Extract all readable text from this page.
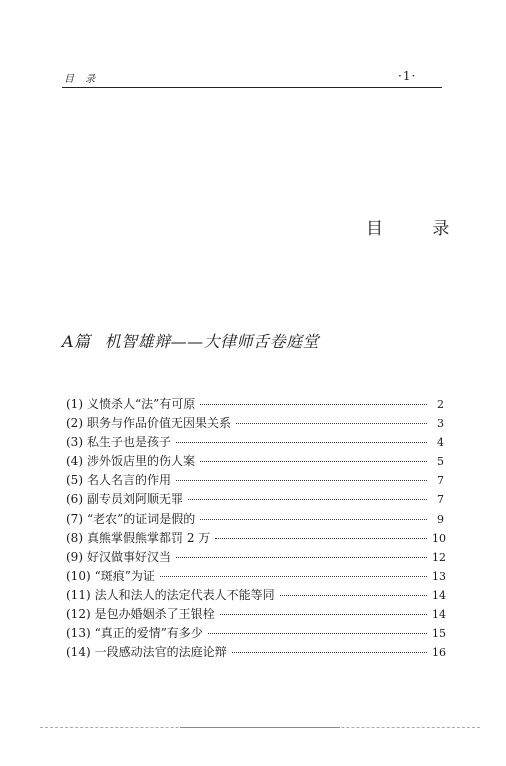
目 录	·1·
目 录
A篇 机智雄辩——大律师舌卷庭堂
(1) 义愤杀人“法”有可原	2
(2) 职务与作品价值无因果关系	3
(3) 私生子也是孩子	4
(4) 涉外饭店里的伤人案	5
(5) 名人名言的作用	7
(6) 副专员刘阿顺无罪	7
(7) “老农”的证词是假的	9
(8) 真熊掌假熊掌都罚 2 万	10
(9) 好汉做事好汉当	12
(10) “斑痕”为证	13
(11) 法人和法人的法定代表人不能等同	14
(12) 是包办婚姻杀了王银栓	14
(13) “真正的爱情”有多少	15
(14) 一段感动法官的法庭论辩	16
